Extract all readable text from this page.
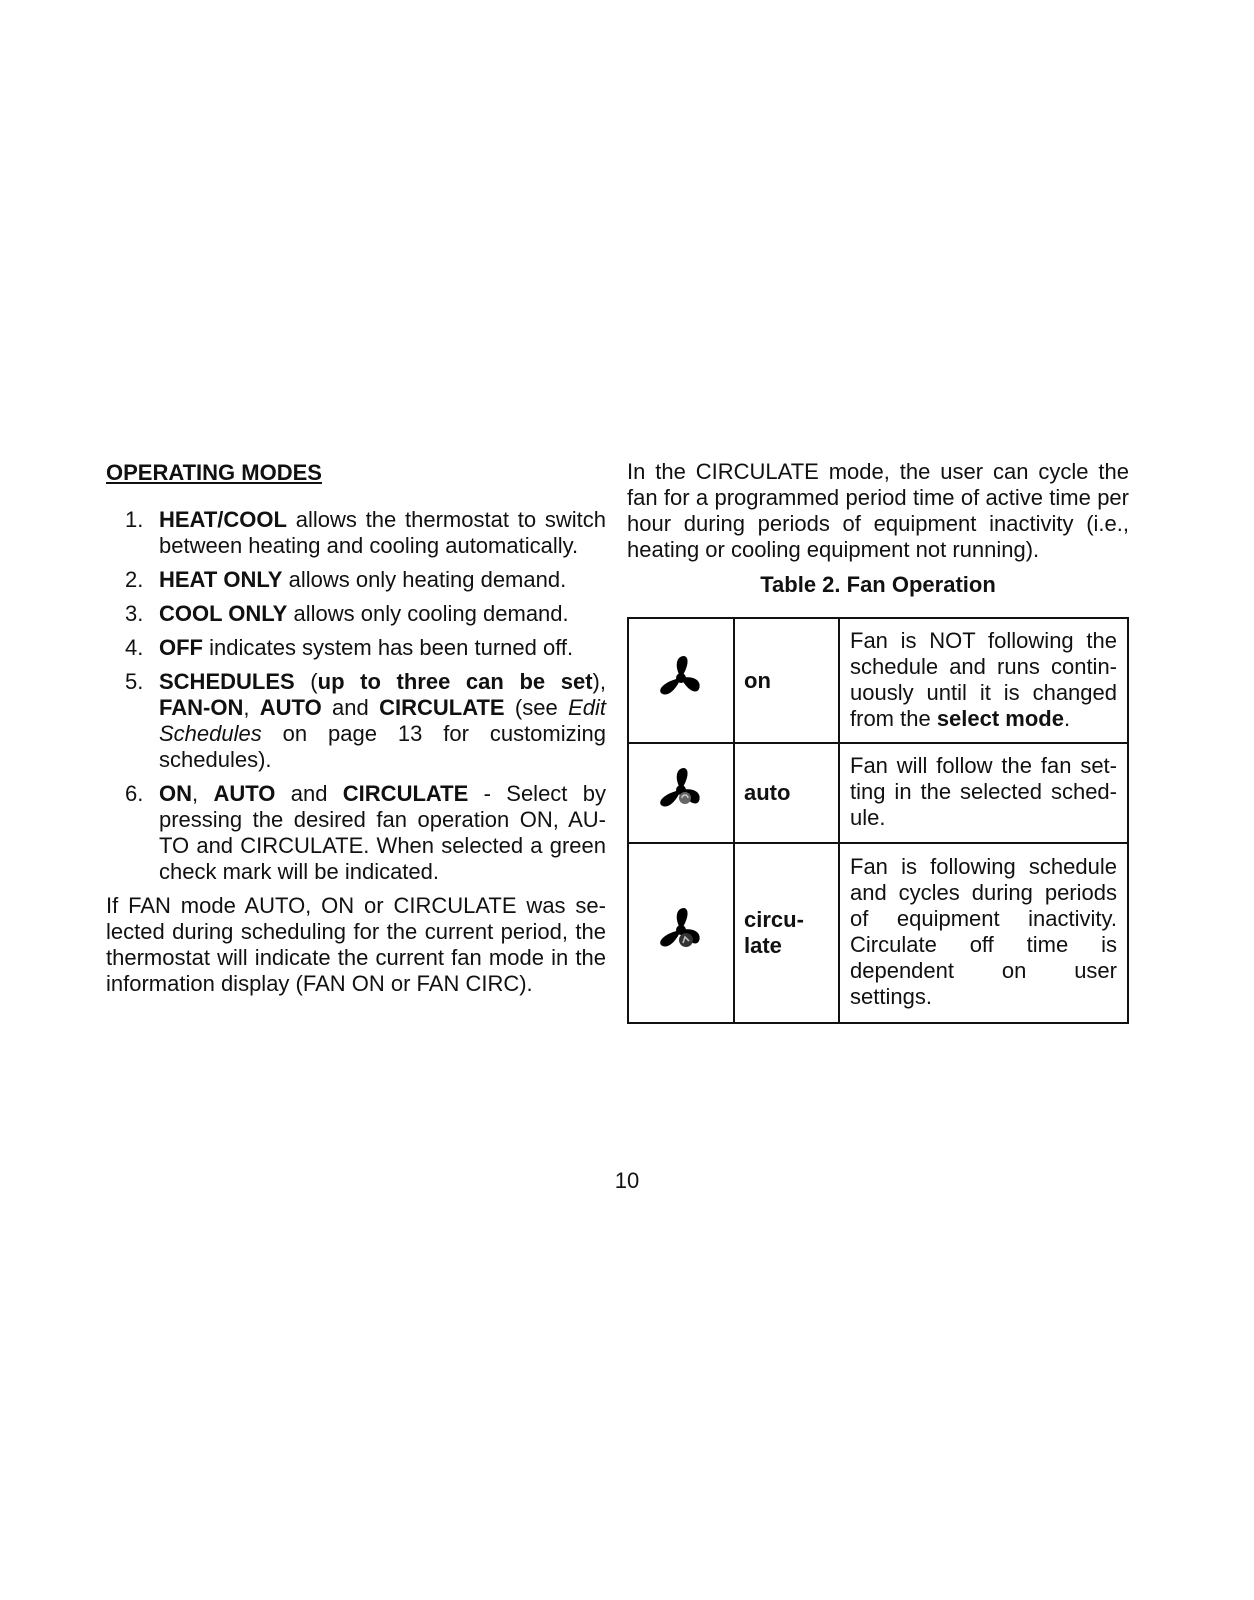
OPERATING MODES
1. HEAT/COOL allows the thermostat to switch between heating and cooling automatically.
2. HEAT ONLY allows only heating demand.
3. COOL ONLY allows only cooling demand.
4. OFF indicates system has been turned off.
5. SCHEDULES (up to three can be set), FAN-ON, AUTO and CIRCULATE (see Edit Schedules on page 13 for customizing schedules).
6. ON, AUTO and CIRCULATE - Select by pressing the desired fan operation ON, AU-TO and CIRCULATE. When selected a green check mark will be indicated.

If FAN mode AUTO, ON or CIRCULATE was se-lected during scheduling for the current period, the thermostat will indicate the current fan mode in the information display (FAN ON or FAN CIRC).

In the CIRCULATE mode, the user can cycle the fan for a programmed period time of active time per hour during periods of equipment inactivity (i.e., heating or cooling equipment not running).

Table 2. Fan Operation
	on	Fan is NOT following the schedule and runs contin-uously until it is changed from the select mode.
	auto	Fan will follow the fan set-ting in the selected sched-ule.
	circu-late	Fan is following schedule and cycles during periods of equipment inactivity. Circulate off time is dependent on user settings.
10
